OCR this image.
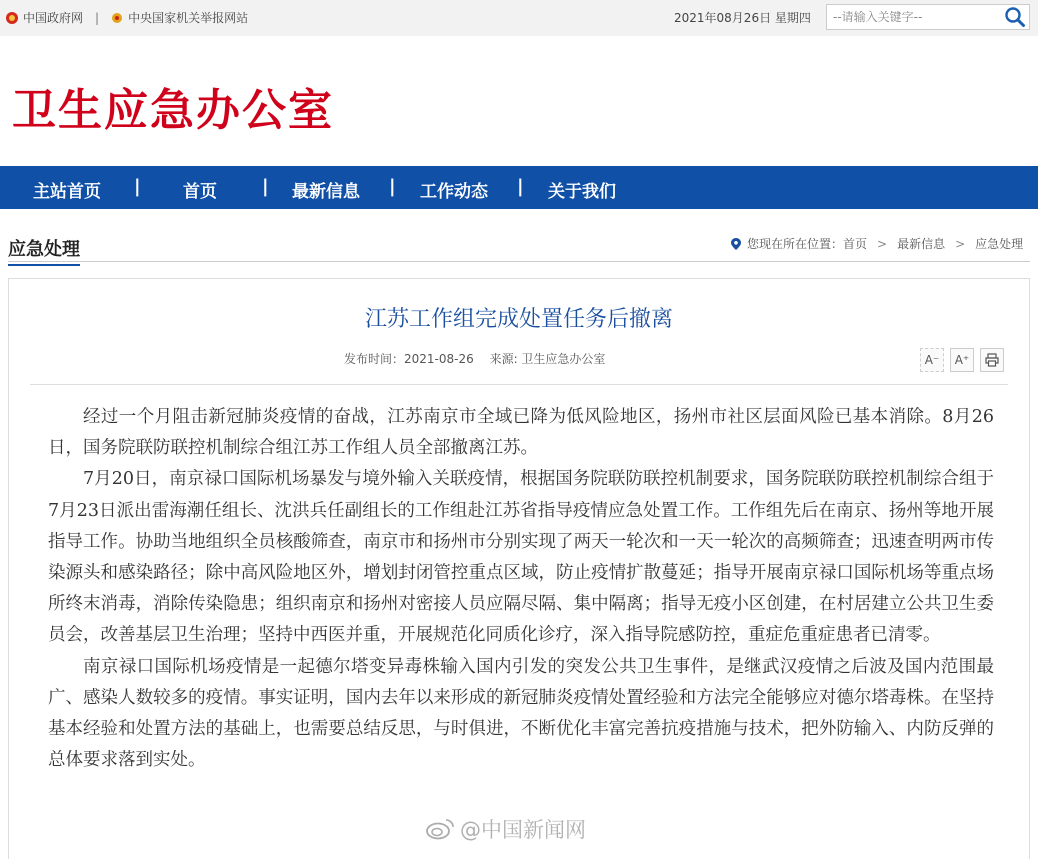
中国政府网 | 中央国家机关举报网站	2021年08月26日 星期四
--请输入关键字--
卫生应急办公室
主站首页 | 首页	| 最新信息 | 工作动态 | 关于我们
应急处理	您现在所在位置： 首页 > 最新信息 > 应急处理
江苏工作组完成处置任务后撤离
发布时间：2021-08-26 来源: 卫生应急办公室	A⁻	A⁺

经过一个月阻击新冠肺炎疫情的奋战，江苏南京市全域已降为低风险地区，扬州市社区层面风险已基本消除。8月26日，国务院联防联控机制综合组江苏工作组人员全部撤离江苏。

7月20日，南京禄口国际机场暴发与境外输入关联疫情，根据国务院联防联控机制要求，国务院联防联控机制综合组于7月23日派出雷海潮任组长、沈洪兵任副组长的工作组赴江苏省指导疫情应急处置工作。工作组先后在南京、扬州等地开展指导工作。协助当地组织全员核酸筛查，南京市和扬州市分别实现了两天一轮次和一天一轮次的高频筛查；迅速查明两市传染源头和感染路径；除中高风险地区外，增划封闭管控重点区域，防止疫情扩散蔓延；指导开展南京禄口国际机场等重点场所终末消毒，消除传染隐患；组织南京和扬州对密接人员应隔尽隔、集中隔离；指导无疫小区创建，在村居建立公共卫生委员会，改善基层卫生治理；坚持中西医并重，开展规范化同质化诊疗，深入指导院感防控，重症危重症患者已清零。

南京禄口国际机场疫情是一起德尔塔变异毒株输入国内引发的突发公共卫生事件，是继武汉疫情之后波及国内范围最广、感染人数较多的疫情。事实证明，国内去年以来形成的新冠肺炎疫情处置经验和方法完全能够应对德尔塔毒株。在坚持基本经验和处置方法的基础上，也需要总结反思，与时俱进，不断优化丰富完善抗疫措施与技术，把外防输入、内防反弹的总体要求落到实处。

@中国新闻网
